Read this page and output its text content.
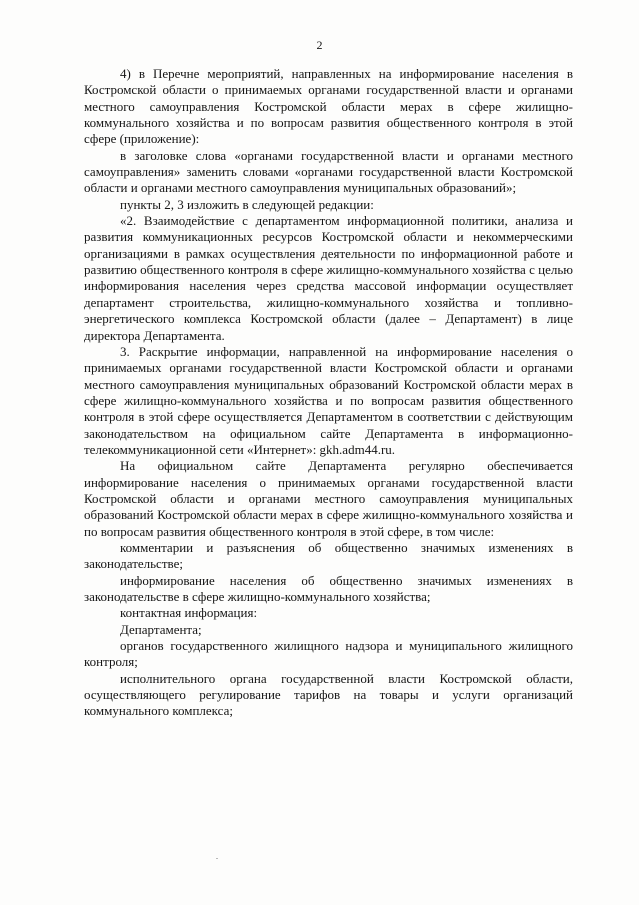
2

4) в Перечне мероприятий, направленных на информирование населения в Костромской области о принимаемых органами государственной власти и органами местного самоуправления Костромской области мерах в сфере жилищно-коммунального хозяйства и по вопросам развития общественного контроля в этой сфере (приложение):

в заголовке слова «органами государственной власти и органами местного самоуправления» заменить словами «органами государственной власти Костромской области и органами местного самоуправления муниципальных образований»;

пункты 2, 3 изложить в следующей редакции:

«2. Взаимодействие с департаментом информационной политики, анализа и развития коммуникационных ресурсов Костромской области и некоммерческими организациями в рамках осуществления деятельности по информационной работе и развитию общественного контроля в сфере жилищно-коммунального хозяйства с целью информирования населения через средства массовой информации осуществляет департамент строительства, жилищно-коммунального хозяйства и топливно-энергетического комплекса Костромской области (далее – Департамент) в лице директора Департамента.

3. Раскрытие информации, направленной на информирование населения о принимаемых органами государственной власти Костромской области и органами местного самоуправления муниципальных образований Костромской области мерах в сфере жилищно-коммунального хозяйства и по вопросам развития общественного контроля в этой сфере осуществляется Департаментом в соответствии с действующим законодательством на официальном сайте Департамента в информационно-телекоммуникационной сети «Интернет»: gkh.adm44.ru.

На официальном сайте Департамента регулярно обеспечивается информирование населения о принимаемых органами государственной власти Костромской области и органами местного самоуправления муниципальных образований Костромской области мерах в сфере жилищно-коммунального хозяйства и по вопросам развития общественного контроля в этой сфере, в том числе:

комментарии и разъяснения об общественно значимых изменениях в законодательстве;

информирование населения об общественно значимых изменениях в законодательстве в сфере жилищно-коммунального хозяйства;

контактная информация:

Департамента;

органов государственного жилищного надзора и муниципального жилищного контроля;

исполнительного органа государственной власти Костромской области, осуществляющего регулирование тарифов на товары и услуги организаций коммунального комплекса;
